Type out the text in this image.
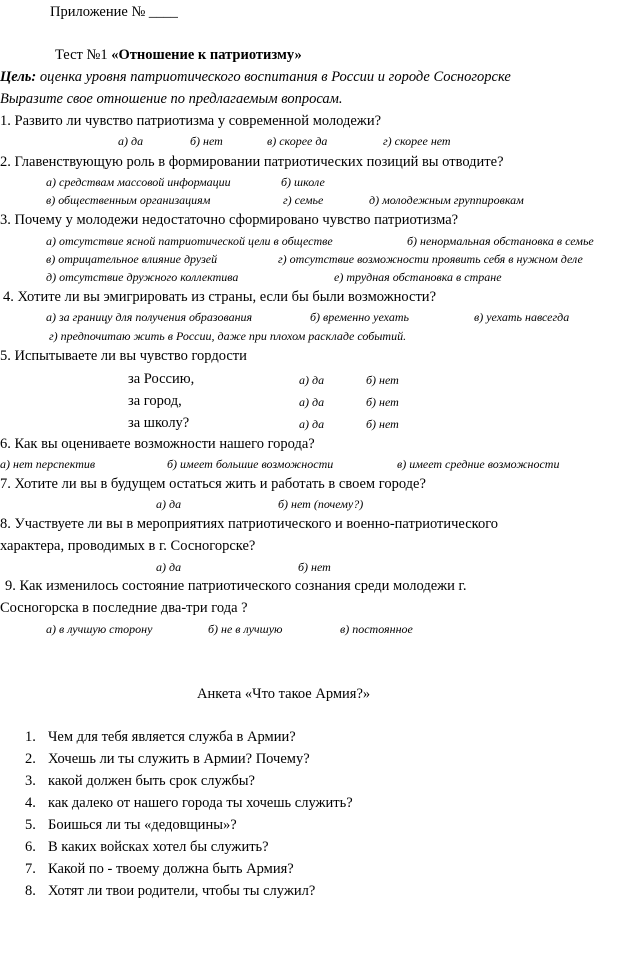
Приложение № ____
Тест №1 «Отношение к патриотизму»
Цель: оценка уровня патриотического воспитания в России и городе Сосногорске
Выразите свое отношение по предлагаемым вопросам.
1. Развито ли чувство патриотизма у современной молодежи?
а) да	б) нет	в) скорее да	г) скорее нет
2. Главенствующую роль в формировании патриотических позиций вы отводите?
а) средствам массовой информации	б) школе
в) общественным организациям	г) семье	д) молодежным группировкам
3. Почему у молодежи недостаточно сформировано чувство патриотизма?
а) отсутствие ясной патриотической цели в обществе	б) ненормальная обстановка в семье
в) отрицательное влияние друзей	г) отсутствие возможности проявить себя в нужном деле
д) отсутствие дружного коллектива	е) трудная обстановка в стране
4. Хотите ли вы эмигрировать из страны, если бы были возможности?
а) за границу для получения образования	б) временно уехать	в) уехать навсегда
г) предпочитаю жить в России, даже при плохом раскладе событий.
5. Испытываете ли вы чувство гордости
за Россию,	а) да	б) нет
за город,	а) да	б) нет
за школу?	а) да	б) нет
6. Как вы оцениваете возможности нашего города?
а) нет перспектив	б) имеет большие возможности	в) имеет средние возможности
7. Хотите ли вы в будущем остаться жить и работать в своем городе?
а) да	б) нет (почему?)
8. Участвуете ли вы в мероприятиях патриотического и военно-патриотического
характера, проводимых в г. Сосногорске?
а) да	б) нет
9. Как изменилось состояние патриотического сознания среди молодежи г.
Сосногорска в последние два-три года ?
а) в лучшую сторону	б) не в лучшую	в) постоянное
Анкета «Что такое Армия?»
1. Чем для тебя является служба в Армии?
2. Хочешь ли ты служить в Армии? Почему?
3. какой должен быть срок службы?
4. как далеко от нашего города ты хочешь служить?
5. Боишься ли ты «дедовщины»?
6. В каких войсках хотел бы служить?
7. Какой по - твоему должна быть Армия?
8. Хотят ли твои родители, чтобы ты служил?
